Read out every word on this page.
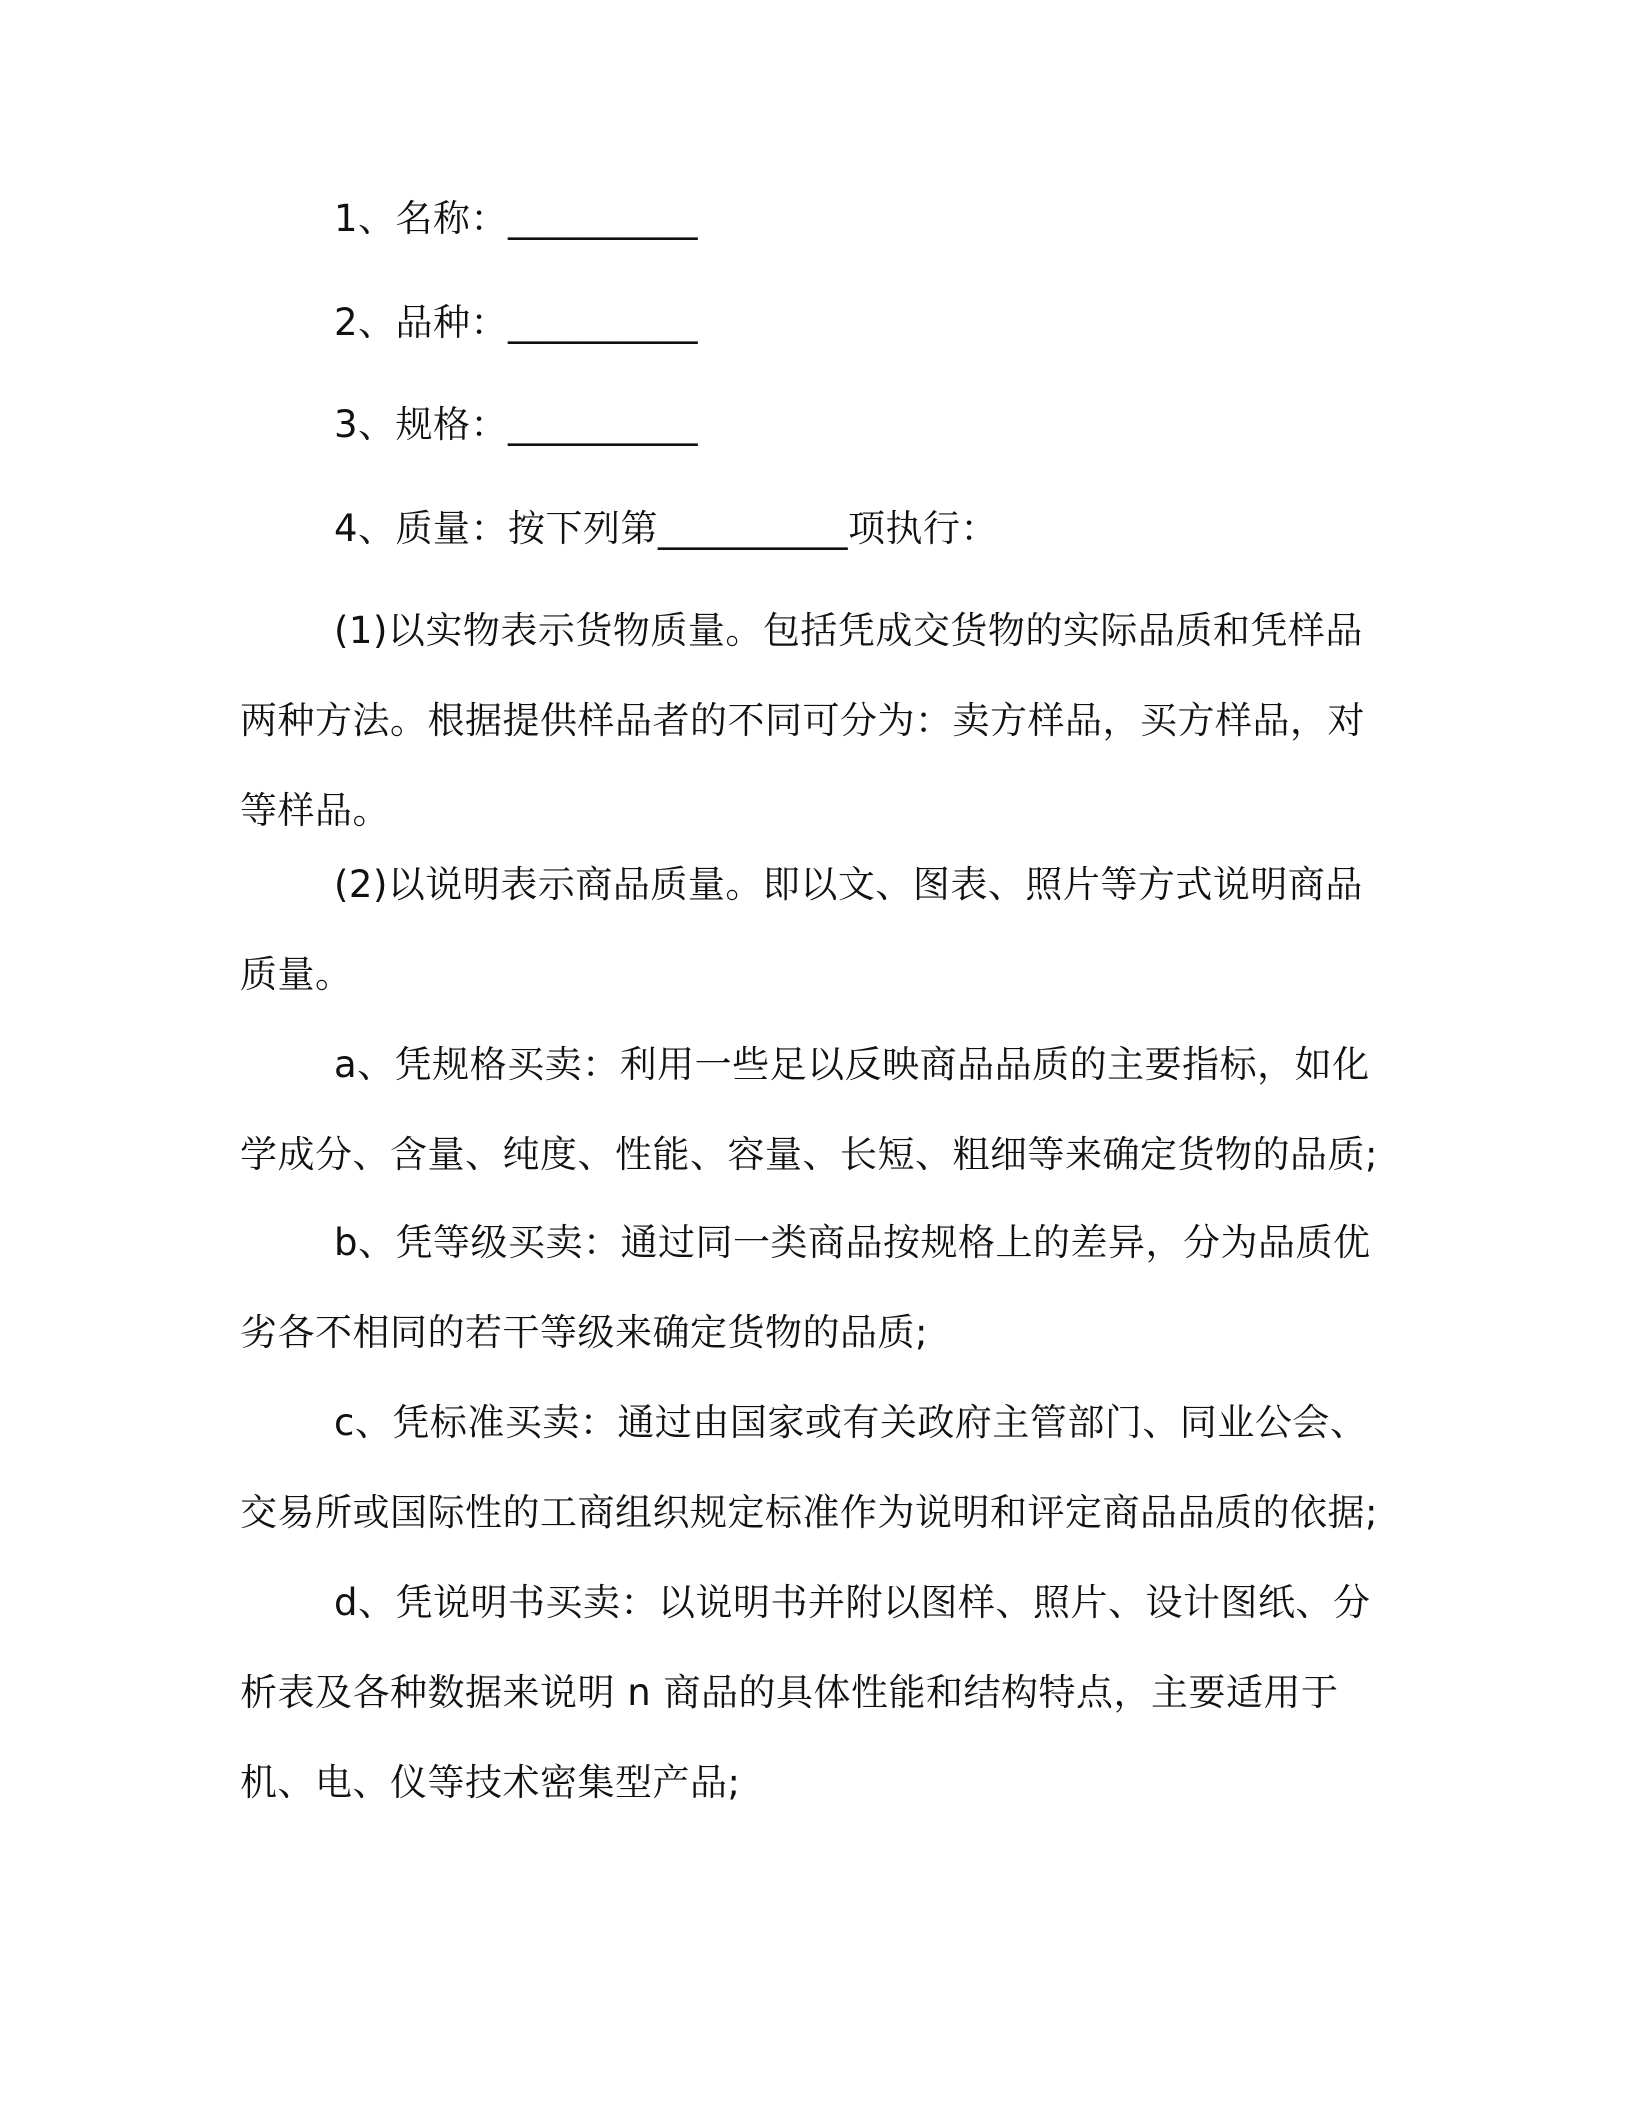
1、名称：__________

2、品种：__________

3、规格：__________

4、质量：按下列第__________项执行：

(1)以实物表示货物质量。包括凭成交货物的实际品质和凭样品两种方法。根据提供样品者的不同可分为：卖方样品，买方样品，对等样品。

(2)以说明表示商品质量。即以文、图表、照片等方式说明商品质量。

a、凭规格买卖：利用一些足以反映商品品质的主要指标，如化学成分、含量、纯度、性能、容量、长短、粗细等来确定货物的品质;

b、凭等级买卖：通过同一类商品按规格上的差异，分为品质优劣各不相同的若干等级来确定货物的品质;

c、凭标准买卖：通过由国家或有关政府主管部门、同业公会、交易所或国际性的工商组织规定标准作为说明和评定商品品质的依据;

d、凭说明书买卖：以说明书并附以图样、照片、设计图纸、分析表及各种数据来说明 n 商品的具体性能和结构特点，主要适用于机、电、仪等技术密集型产品;
